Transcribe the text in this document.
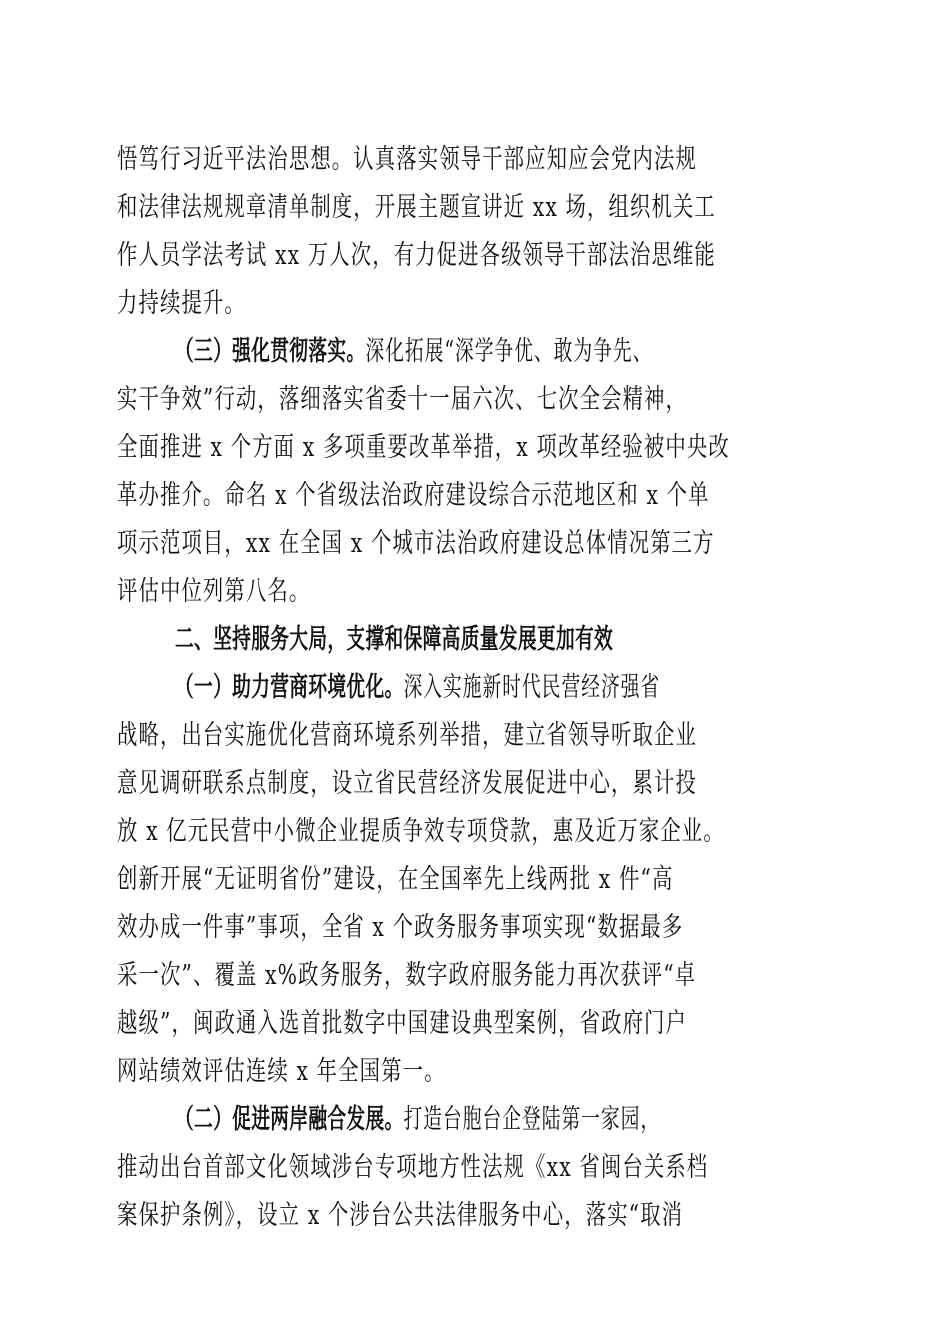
悟笃行习近平法治思想。认真落实领导干部应知应会党内法规
和法律法规规章清单制度，开展主题宣讲近 xx 场，组织机关工
作人员学法考试 xx 万人次，有力促进各级领导干部法治思维能
力持续提升。
（三）强化贯彻落实。深化拓展“深学争优、敢为争先、
实干争效”行动，落细落实省委十一届六次、七次全会精神，
全面推进 x 个方面 x 多项重要改革举措，x 项改革经验被中央改
革办推介。命名 x 个省级法治政府建设综合示范地区和 x 个单
项示范项目，xx 在全国 x 个城市法治政府建设总体情况第三方
评估中位列第八名。
二、坚持服务大局，支撑和保障高质量发展更加有效
（一）助力营商环境优化。深入实施新时代民营经济强省
战略，出台实施优化营商环境系列举措，建立省领导听取企业
意见调研联系点制度，设立省民营经济发展促进中心，累计投
放 x 亿元民营中小微企业提质争效专项贷款，惠及近万家企业。
创新开展“无证明省份”建设，在全国率先上线两批 x 件“高
效办成一件事”事项，全省 x 个政务服务事项实现“数据最多
采一次”、覆盖 x%政务服务，数字政府服务能力再次获评“卓
越级”，闽政通入选首批数字中国建设典型案例，省政府门户
网站绩效评估连续 x 年全国第一。
（二）促进两岸融合发展。打造台胞台企登陆第一家园，
推动出台首部文化领域涉台专项地方性法规《xx 省闽台关系档
案保护条例》，设立 x 个涉台公共法律服务中心，落实“取消
